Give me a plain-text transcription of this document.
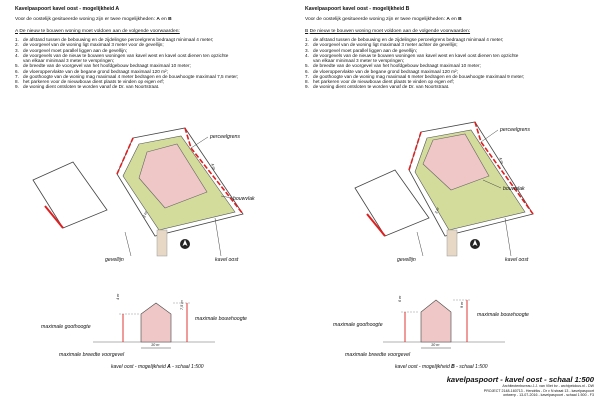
Kavelpaspoort kavel oost - mogelijkheid A
Voor de oostelijk gesitueerde woning zijn er twee mogelijkheden: A en B
A De nieuw te bouwen woning moet voldoen aan de volgende voorwaarden:
1. de afstand tussen de bebouwing en de zijdelingse perceelgrens bedraagt minimaal 4 meter;
2. de voorgevel van de woning ligt maximaal 3 meter voor de gevellijn;
3. de voorgevel moet parallel liggen aan de gevellijn;
4. de voorgevels van de nieuw te bouwen woningen van kavel west en kavel oost dienen ten opzichte
van elkaar minimaal 3 meter te verspringen;
5. de breedte van de voorgevel van het hoofdgebouw bedraagt maximaal 10 meter;
6. de vloeroppervlakte van de begane grond bedraagt maximaal 120 m²;
7. de goothoogte van de woning mag maximaal 4 meter bedragen en de bouwhoogte maximaal 7,5 meter;
8. het parkeren voor de nieuwbouw dient plaats te vinden op eigen erf;
9. de woning dient ontsloten te worden vanaf de Dr. van Noortstraat.
4 m
3 m
perceelgrens
bouwvlak
gevellijn	kavel oost
4 m
7,5 m
10 m
maximale goothoogte
maximale bouwhoogte
maximale breedte voorgevel
kavel oost - mogelijkheid A - schaal 1:500
Kavelpaspoort kavel oost - mogelijkheid B
Voor de oostelijk gesitueerde woning zijn er twee mogelijkheden: A en B
B De nieuw te bouwen woning moet voldoen aan de volgende voorwaarden:
1. de afstand tussen de bebouwing en de zijdelingse perceelgrens bedraagt minimaal 4 meter;
2. de voorgevel van de woning ligt maximaal 3 meter achter de gevellijn;
3. de voorgevel moet parallel liggen aan de gevellijn;
4. de voorgevels van de nieuw te bouwen woningen van kavel west en kavel oost dienen ten opzichte
van elkaar minimaal 3 meter te verspringen;
5. de breedte van de voorgevel van het hoofdgebouw bedraagt maximaal 10 meter;
6. de vloeroppervlakte van de begane grond bedraagt maximaal 120 m²;
7. de goothoogte van de woning mag maximaal 6 meter bedragen en de bouwhoogte maximaal 9 meter;
8. het parkeren voor de nieuwbouw dient plaats te vinden op eigen erf;
9. de woning dient ontsloten te worden vanaf de Dr. van Noortstraat.
4 m
3 m
perceelgrens
bouwvlak
gevellijn	kavel oost
6 m
9 m
10 m
maximale goothoogte
maximale bouwhoogte
maximale breedte voorgevel
kavel oost - mogelijkheid B - schaal 1:500
kavelpaspoort - kavel oost - schaal 1:500
Architectenbureau J.J. van Vliet bv - archipelokus.nl - DW
PROJECT 2148-160713 - Hendriks - Dr v N straat 13 - kavelpaspoort
ontwerp - 13-07-2016 - kavelpaspoort - schaal 1:500 - F3
